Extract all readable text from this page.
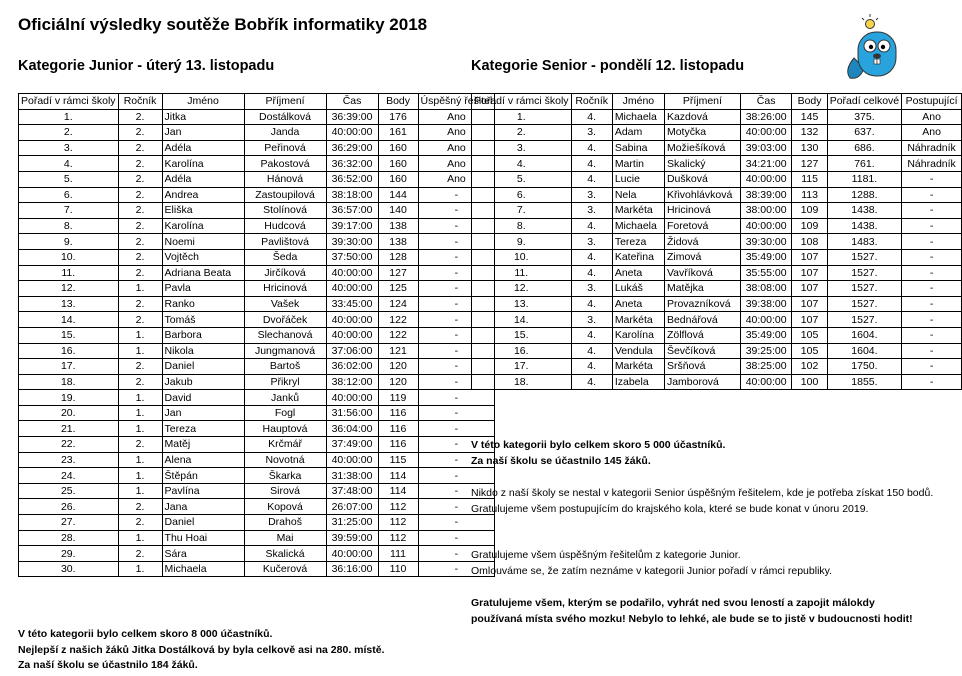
Oficiální výsledky soutěže Bobřík informatiky 2018
Kategorie Junior - úterý 13. listopadu	Kategorie Senior - pondělí 12. listopadu
Pořadí v rámci školy	Ročník	Jméno	Příjmení	Čas	Body	Úspěšný řešitel
1.	2.	Jitka	Dostálková	36:39:00	176	Ano
2.	2.	Jan	Janda	40:00:00	161	Ano
3.	2.	Adéla	Peřinová	36:29:00	160	Ano
4.	2.	Karolína	Pakostová	36:32:00	160	Ano
5.	2.	Adéla	Hánová	36:52:00	160	Ano
6.	2.	Andrea	Zastoupilová	38:18:00	144	-
7.	2.	Eliška	Stolínová	36:57:00	140	-
8.	2.	Karolína	Hudcová	39:17:00	138	-
9.	2.	Noemi	Pavlištová	39:30:00	138	-
10.	2.	Vojtěch	Šeda	37:50:00	128	-
11.	2.	Adriana Beata	Jirčíková	40:00:00	127	-
12.	1.	Pavla	Hricinová	40:00:00	125	-
13.	2.	Ranko	Vašek	33:45:00	124	-
14.	2.	Tomáš	Dvořáček	40:00:00	122	-
15.	1.	Barbora	Slechanová	40:00:00	122	-
16.	1.	Nikola	Jungmanová	37:06:00	121	-
17.	2.	Daniel	Bartoš	36:02:00	120	-
18.	2.	Jakub	Přikryl	38:12:00	120	-
19.	1.	David	Janků	40:00:00	119	-
20.	1.	Jan	Fogl	31:56:00	116	-
21.	1.	Tereza	Hauptová	36:04:00	116	-
22.	2.	Matěj	Krčmář	37:49:00	116	-
23.	1.	Alena	Novotná	40:00:00	115	-
24.	1.	Štěpán	Škarka	31:38:00	114	-
25.	1.	Pavlína	Sirová	37:48:00	114	-
26.	2.	Jana	Kopová	26:07:00	112	-
27.	2.	Daniel	Drahoš	31:25:00	112	-
28.	1.	Thu Hoai	Mai	39:59:00	112	-
29.	2.	Sára	Skalická	40:00:00	111	-
30.	1.	Michaela	Kučerová	36:16:00	110	-
Pořadí v rámci školy	Ročník	Jméno	Příjmení	Čas	Body	Pořadí celkové	Postupující
1.	4.	Michaela	Kazdová	38:26:00	145	375.	Ano
2.	3.	Adam	Motyčka	40:00:00	132	637.	Ano
3.	4.	Sabina	Možiešíková	39:03:00	130	686.	Náhradník
4.	4.	Martin	Skalický	34:21:00	127	761.	Náhradník
5.	4.	Lucie	Dušková	40:00:00	115	1181.	-
6.	3.	Nela	Křivohlávková	38:39:00	113	1288.	-
7.	3.	Markéta	Hricinová	38:00:00	109	1438.	-
8.	4.	Michaela	Foretová	40:00:00	109	1438.	-
9.	3.	Tereza	Židová	39:30:00	108	1483.	-
10.	4.	Kateřina	Zimová	35:49:00	107	1527.	-
11.	4.	Aneta	Vavříková	35:55:00	107	1527.	-
12.	3.	Lukáš	Matějka	38:08:00	107	1527.	-
13.	4.	Aneta	Provazníková	39:38:00	107	1527.	-
14.	3.	Markéta	Bednářová	40:00:00	107	1527.	-
15.	4.	Karolína	Zölflová	35:49:00	105	1604.	-
16.	4.	Vendula	Ševčíková	39:25:00	105	1604.	-
17.	4.	Markéta	Sršňová	38:25:00	102	1750.	-
18.	4.	Izabela	Jamborová	40:00:00	100	1855.	-
V této kategorii bylo celkem skoro 8 000 účastníků.
Nejlepší z našich žáků Jitka Dostálková by byla celkově asi na 280. místě.
Za naší školu se účastnilo 184 žáků.
V této kategorii bylo celkem skoro 5 000 účastníků.
Za naší školu se účastnilo 145 žáků.
Nikdo z naší školy se nestal v kategorii Senior úspěšným řešitelem, kde je potřeba získat 150 bodů.
Gratulujeme všem postupujícím do krajského kola, které se bude konat v únoru 2019.
Gratulujeme všem úspěšným řešitelům z kategorie Junior.
Omlouváme se, že zatím neznáme v kategorii Junior pořadí v rámci republiky.
Gratulujeme všem, kterým se podařilo, vyhrát ned svou leností a zapojit málokdy
používaná místa svého mozku! Nebylo to lehké, ale bude se to jistě v budoucnosti hodit!
